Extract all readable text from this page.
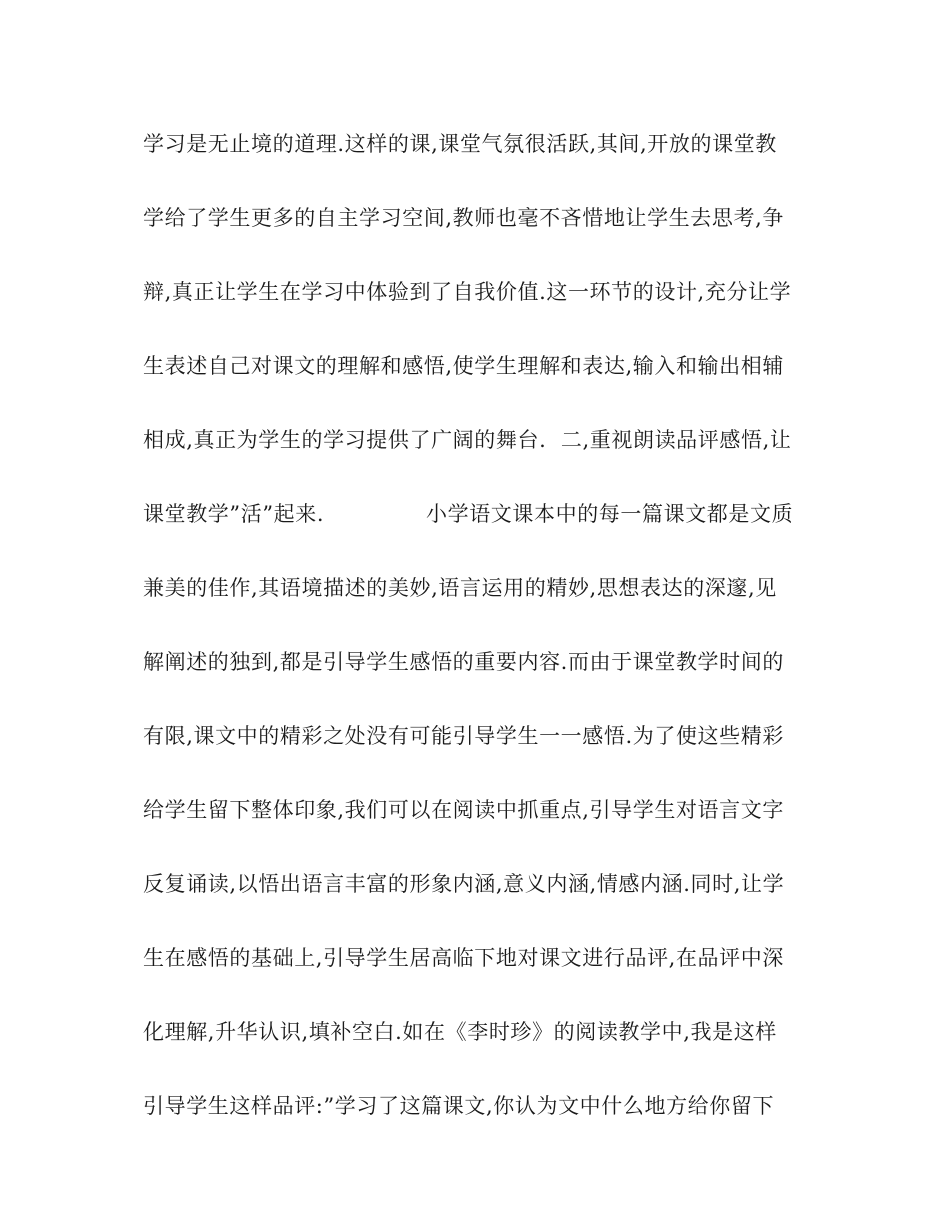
学习是无止境的道理.这样的课,课堂气氛很活跃,其间,开放的课堂教
学给了学生更多的自主学习空间,教师也毫不吝惜地让学生去思考,争
辩,真正让学生在学习中体验到了自我价值.这一环节的设计,充分让学
生表述自己对课文的理解和感悟,使学生理解和表达,输入和输出相辅
相成,真正为学生的学习提供了广阔的舞台.  二,重视朗读品评感悟,让
课堂教学”活”起来.              小学语文课本中的每一篇课文都是文质
兼美的佳作,其语境描述的美妙,语言运用的精妙,思想表达的深邃,见
解阐述的独到,都是引导学生感悟的重要内容.而由于课堂教学时间的
有限,课文中的精彩之处没有可能引导学生一一感悟.为了使这些精彩
给学生留下整体印象,我们可以在阅读中抓重点,引导学生对语言文字
反复诵读,以悟出语言丰富的形象内涵,意义内涵,情感内涵.同时,让学
生在感悟的基础上,引导学生居高临下地对课文进行品评,在品评中深
化理解,升华认识,填补空白.如在《李时珍》的阅读教学中,我是这样
引导学生这样品评:”学习了这篇课文,你认为文中什么地方给你留下
